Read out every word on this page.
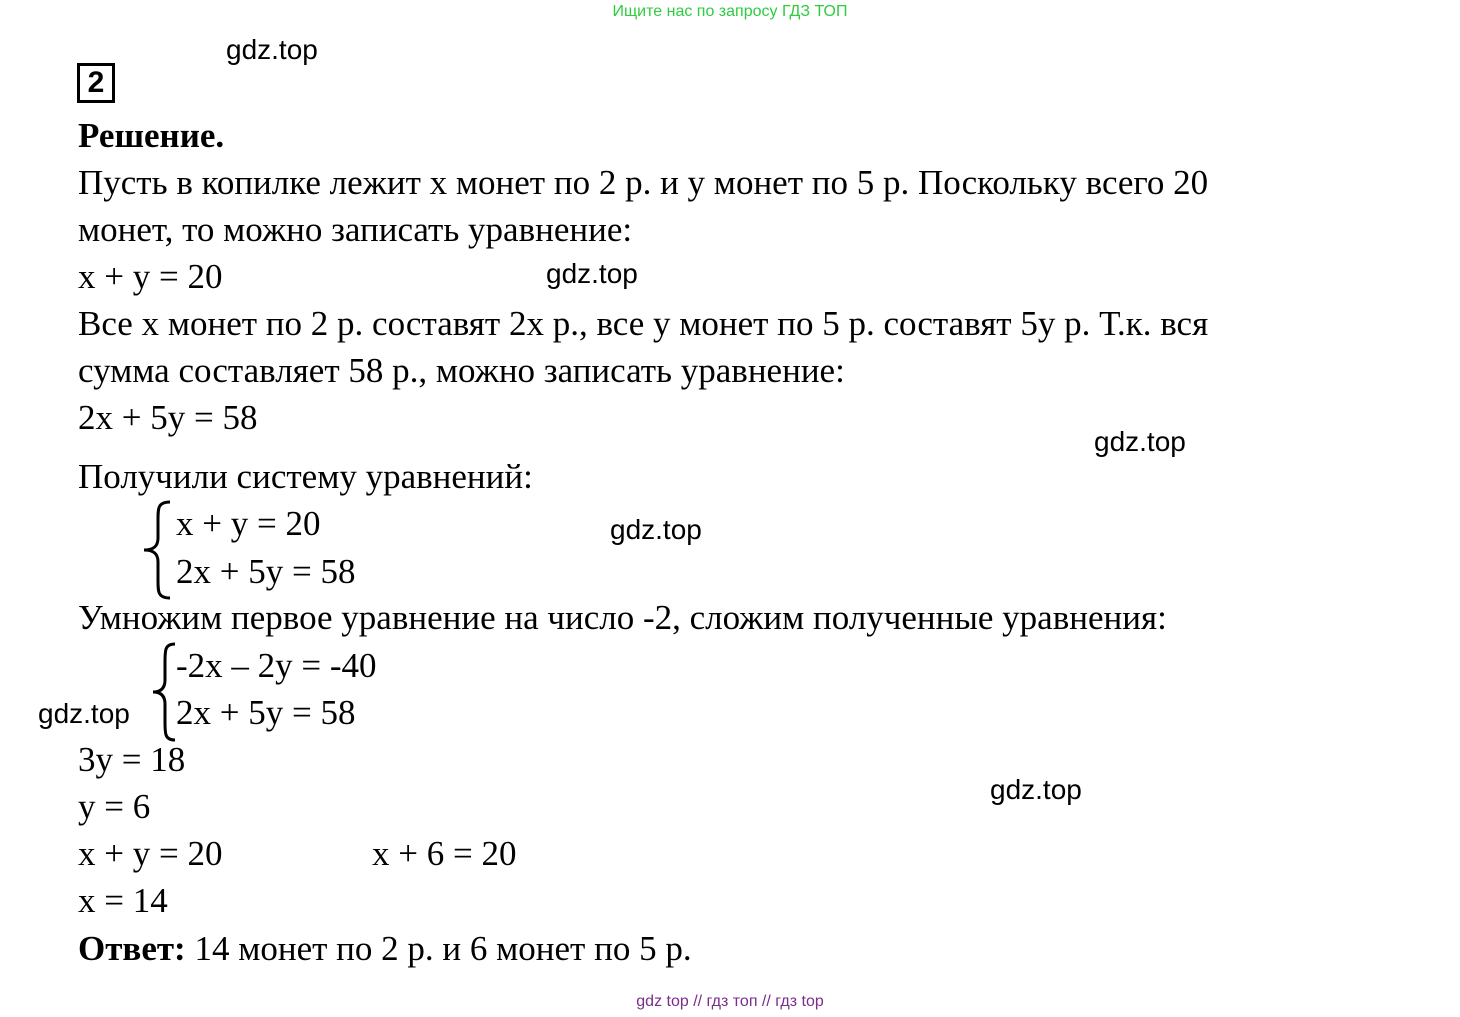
Ищите нас по запросу ГДЗ ТОП
gdz.top
gdz.top
gdz.top
gdz.top
gdz.top
gdz.top
2
Решение.
Пусть в копилке лежит х монет по 2 р. и у монет по 5 р. Поскольку всего 20
монет, то можно записать уравнение:
х + у = 20
Все х монет по 2 р. составят 2х р., все у монет по 5 р. составят 5у р. Т.к. вся
сумма составляет 58 р., можно записать уравнение:
2х + 5у = 58
Получили систему уравнений:
х + у = 20
2х + 5у = 58
Умножим первое уравнение на число -2, сложим полученные уравнения:
-2х – 2у = -40
2х + 5у = 58
3у = 18
у = 6
х + у = 20	х + 6 = 20
х = 14
Ответ: 14 монет по 2 р. и 6 монет по 5 р.
gdz top // гдз топ // гдз top
